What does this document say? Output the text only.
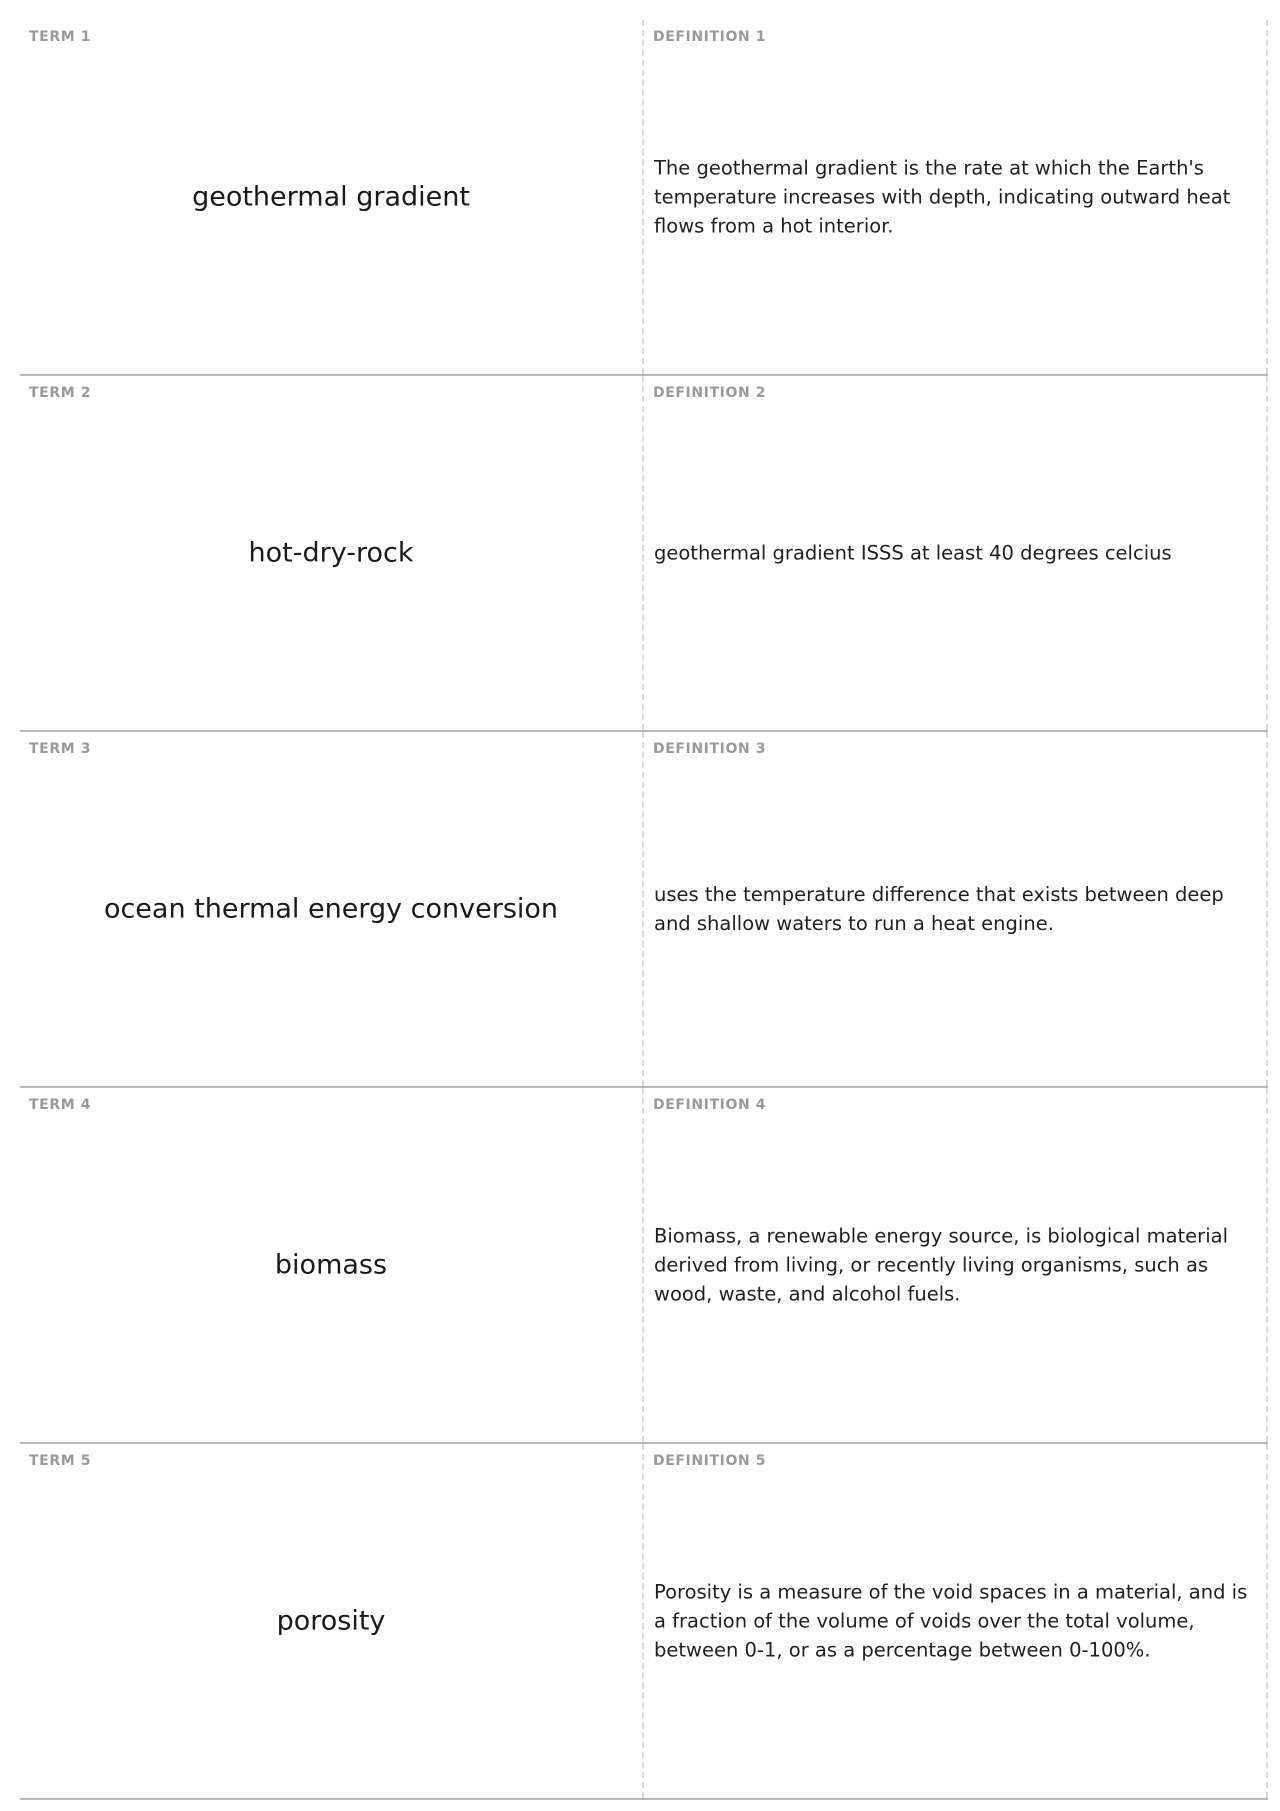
TERM 1
geothermal gradient
DEFINITION 1
The geothermal gradient is the rate at which the Earth's temperature increases with depth, indicating outward heat flows from a hot interior.
TERM 2
hot-dry-rock
DEFINITION 2
geothermal gradient ISSS at least 40 degrees celcius
TERM 3
ocean thermal energy conversion
DEFINITION 3
uses the temperature difference that exists between deep and shallow waters to run a heat engine.
TERM 4
biomass
DEFINITION 4
Biomass, a renewable energy source, is biological material derived from living, or recently living organisms, such as wood, waste, and alcohol fuels.
TERM 5
porosity
DEFINITION 5
Porosity is a measure of the void spaces in a material, and is a fraction of the volume of voids over the total volume, between 0-1, or as a percentage between 0-100%.
